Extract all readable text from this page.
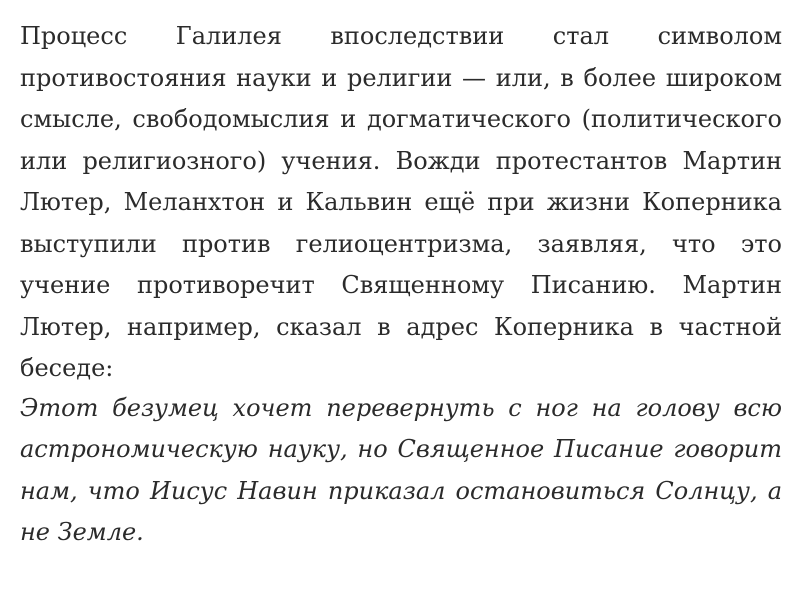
Процесс Галилея впоследствии стал символом противостояния науки и религии — или, в более широком смысле, свободомыслия и догматического (политического или религиозного) учения. Вожди протестантов Мартин Лютер, Меланхтон и Кальвин ещё при жизни Коперника выступили против гелиоцентризма, заявляя, что это учение противоречит Священному Писанию. Мартин Лютер, например, сказал в адрес Коперника в частной беседе:

Этот безумец хочет перевернуть с ног на голову всю астрономическую науку, но Священное Писание говорит нам, что Иисус Навин приказал остановиться Солнцу, а не Земле.
